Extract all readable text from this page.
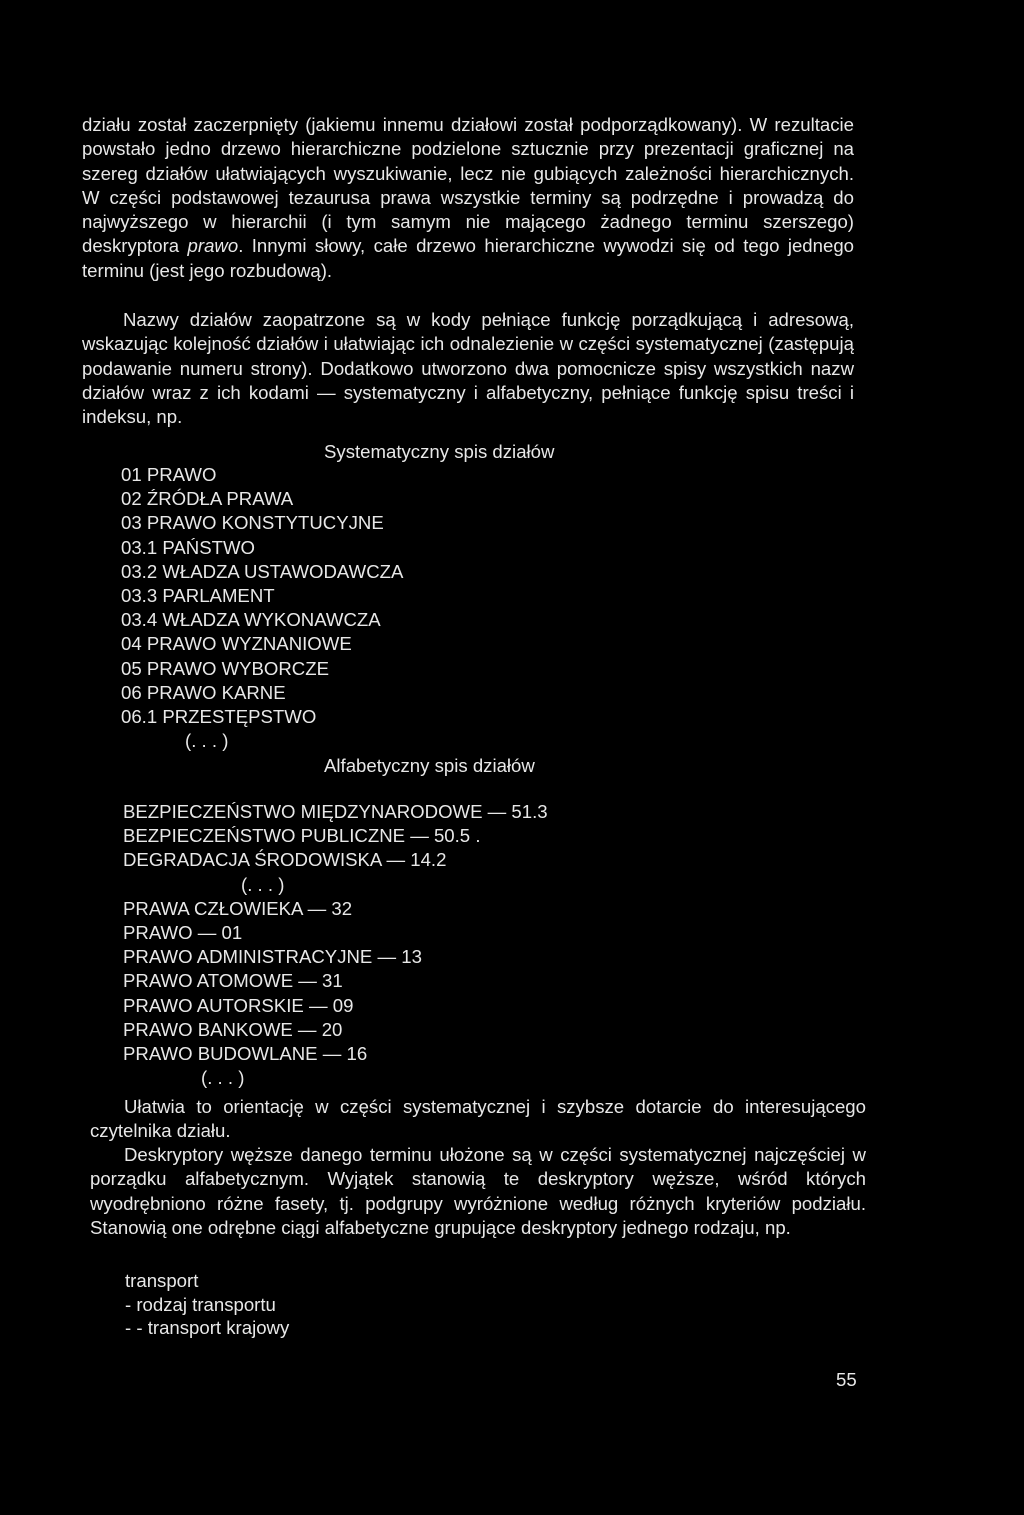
działu został zaczerpnięty (jakiemu innemu działowi został podporządkowany). W rezultacie powstało jedno drzewo hierarchiczne podzielone sztucznie przy prezentacji graficznej na szereg działów ułatwiających wyszukiwanie, lecz nie gubiących zależności hierarchicznych. W części podstawowej tezaurusa prawa wszystkie terminy są podrzędne i prowadzą do najwyższego w hierarchii (i tym samym nie mającego żadnego terminu szerszego) deskryptora prawo. Innymi słowy, całe drzewo hierarchiczne wywodzi się od tego jednego terminu (jest jego rozbudową).

Nazwy działów zaopatrzone są w kody pełniące funkcję porządkującą i adresową, wskazując kolejność działów i ułatwiając ich odnalezienie w części systematycznej (zastępują podawanie numeru strony). Dodatkowo utworzono dwa pomocnicze spisy wszystkich nazw działów wraz z ich kodami — systematyczny i alfabetyczny, pełniące funkcję spisu treści i indeksu, np.

Systematyczny spis działów

01 PRAWO
02 ŹRÓDŁA PRAWA
03 PRAWO KONSTYTUCYJNE
03.1 PAŃSTWO
03.2 WŁADZA USTAWODAWCZA
03.3 PARLAMENT
03.4 WŁADZA WYKONAWCZA
04 PRAWO WYZNANIOWE
05 PRAWO WYBORCZE
06 PRAWO KARNE
06.1 PRZESTĘPSTWO
(. . . )

Alfabetyczny spis działów

BEZPIECZEŃSTWO MIĘDZYNARODOWE — 51.3
BEZPIECZEŃSTWO PUBLICZNE — 50.5 .
DEGRADACJA ŚRODOWISKA — 14.2
(. . . )
PRAWA CZŁOWIEKA — 32
PRAWO — 01
PRAWO ADMINISTRACYJNE — 13
PRAWO ATOMOWE — 31
PRAWO AUTORSKIE — 09
PRAWO BANKOWE — 20
PRAWO BUDOWLANE — 16
(. . . )

Ułatwia to orientację w części systematycznej i szybsze dotarcie do interesującego czytelnika działu.

Deskryptory węższe danego terminu ułożone są w części systematycznej najczęściej w porządku alfabetycznym. Wyjątek stanowią te deskryptory węższe, wśród których wyodrębniono różne fasety, tj. podgrupy wyróżnione według różnych kryteriów podziału. Stanowią one odrębne ciągi alfabetyczne grupujące deskryptory jednego rodzaju, np.

transport
- rodzaj transportu
- - transport krajowy
55
